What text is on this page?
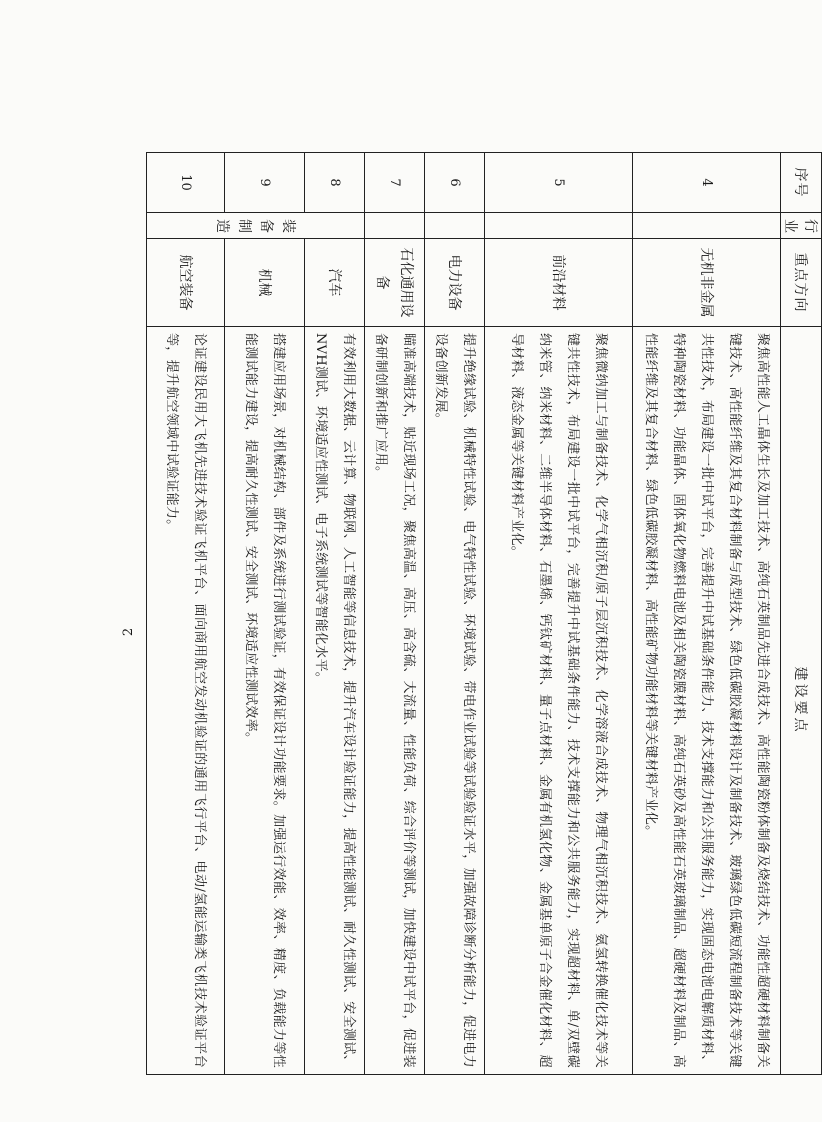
序号	行业	重点方向	建设要点
4		无机非金属	聚焦高性能人工晶体生长及加工技术、高纯石英制品先进合成技术、高性能陶瓷粉体制备及烧结技术、功能性超硬材料制备关键技术、高性能纤维及其复合材料制备与成型技术、绿色低碳胶凝材料设计及制备技术、玻璃绿色低碳短流程制备技术等关键共性技术，布局建设一批中试平台，完善提升中试基础条件能力、技术支撑能力和公共服务能力，实现固态电池电解质材料、特种陶瓷材料、功能晶体、固体氧化物燃料电池及相关陶瓷膜材料、高纯石英砂及高性能石英玻璃制品、超硬材料及制品、高性能纤维及其复合材料、绿色低碳胶凝材料、高性能矿物功能材料等关键材料产业化。
5		前沿材料	聚焦微纳加工与制备技术、化学气相沉积/原子层沉积技术、化学溶液合成技术、物理气相沉积技术、氨氢转换催化技术等关键共性技术，布局建设一批中试平台，完善提升中试基础条件能力、技术支撑能力和公共服务能力，实现超材料、单/双壁碳纳米管、纳米材料、二维半导体材料、石墨烯、钙钛矿材料、量子点材料、金属有机氢化物、金属基单原子合金催化材料、超导材料、液态金属等关键材料产业化。
6		电力设备	提升绝缘试验、机械特性试验、电气特性试验、环境试验、带电作业试验等试验验证水平，加强故障诊断分析能力，促进电力设备创新发展。
7		石化通用设备	瞄准高端技术，贴近现场工况，聚焦高温、高压、高含硫、大流量、性能负荷、综合评价等测试，加快建设中试平台，促进装备研制创新和推广应用。
8	装备制造	汽车	有效利用大数据、云计算、物联网、人工智能等信息技术，提升汽车设计验证能力，提高性能测试、耐久性测试、安全测试、NVH测试、环境适应性测试、电子系统测试等智能化水平。
9		机械	搭建应用场景，对机械结构、部件及系统进行测试验证，有效保证设计功能要求。加强运行效能、效率、精度、负载能力等性能测试能力建设，提高耐久性测试、安全测试、环境适应性测试效率。
10		航空装备	论证建设民用大飞机先进技术验证飞机平台、面向商用航空发动机验证的通用飞行平台、电动/氢能运输类飞机技术验证平台等，提升航空领域中试验证能力。
2
